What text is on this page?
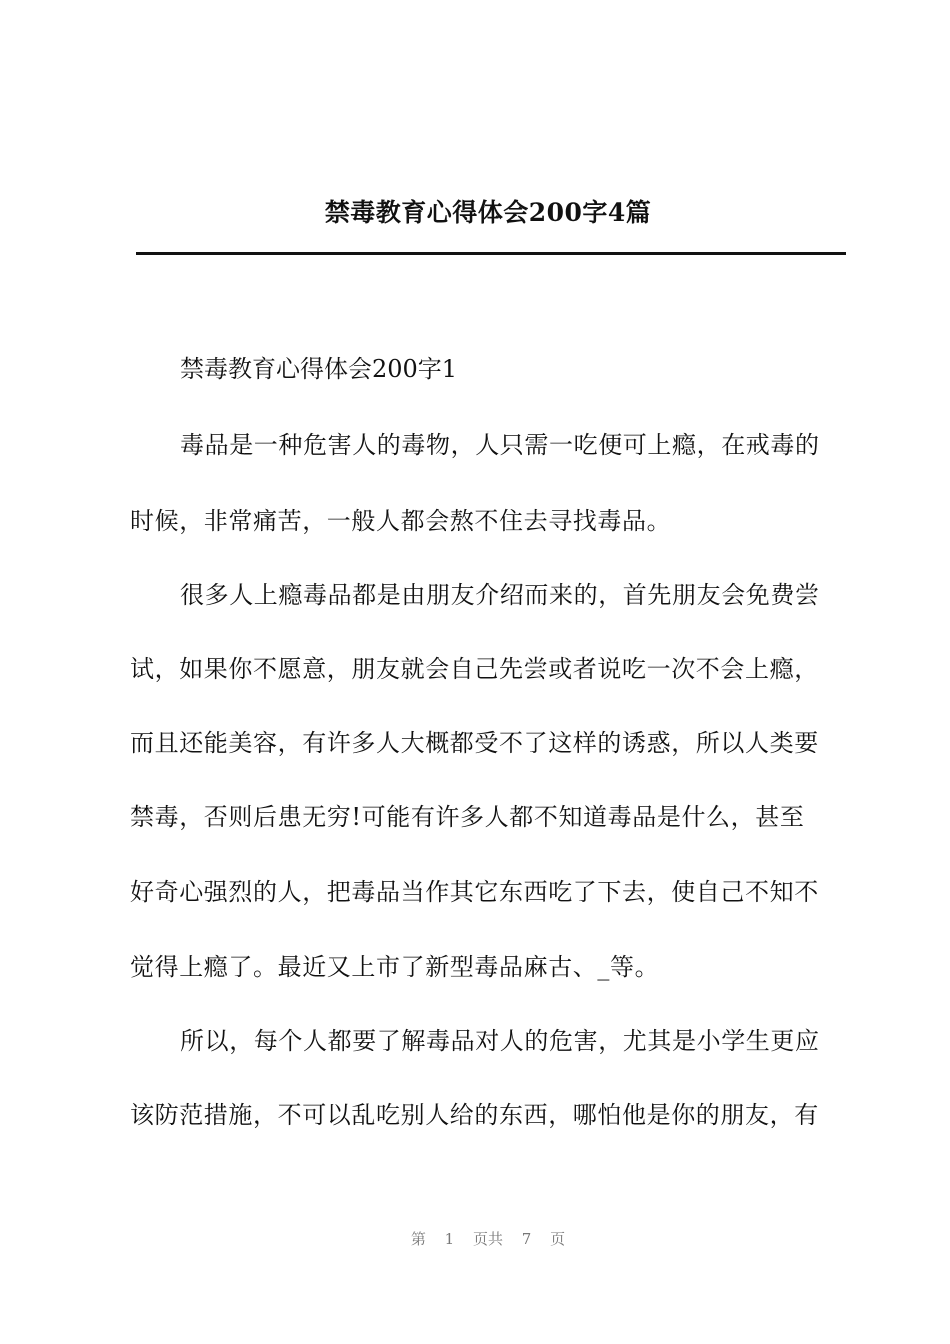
禁毒教育心得体会200字4篇
禁毒教育心得体会200字1

毒品是一种危害人的毒物，人只需一吃便可上瘾，在戒毒的

时候，非常痛苦，一般人都会熬不住去寻找毒品。

很多人上瘾毒品都是由朋友介绍而来的，首先朋友会免费尝

试，如果你不愿意，朋友就会自己先尝或者说吃一次不会上瘾，

而且还能美容，有许多人大概都受不了这样的诱惑，所以人类要

禁毒，否则后患无穷!可能有许多人都不知道毒品是什么，甚至

好奇心强烈的人，把毒品当作其它东西吃了下去，使自己不知不

觉得上瘾了。最近又上市了新型毒品麻古、_等。

所以，每个人都要了解毒品对人的危害，尤其是小学生更应

该防范措施，不可以乱吃别人给的东西，哪怕他是你的朋友，有

第 1 页共 7 页
